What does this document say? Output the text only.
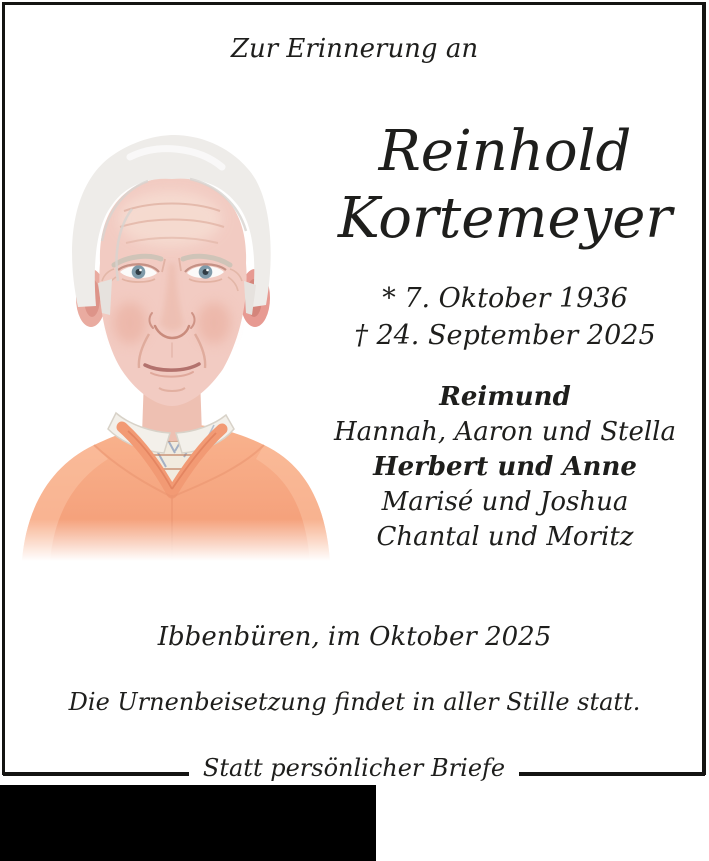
Zur Erinnerung an
Reinhold
Kortemeyer
* 7. Oktober 1936
† 24. September 2025
Reimund
Hannah, Aaron und Stella
Herbert und Anne
Marisé und Joshua
Chantal und Moritz
Ibbenbüren, im Oktober 2025
Die Urnenbeisetzung findet in aller Stille statt.
Statt persönlicher Briefe
